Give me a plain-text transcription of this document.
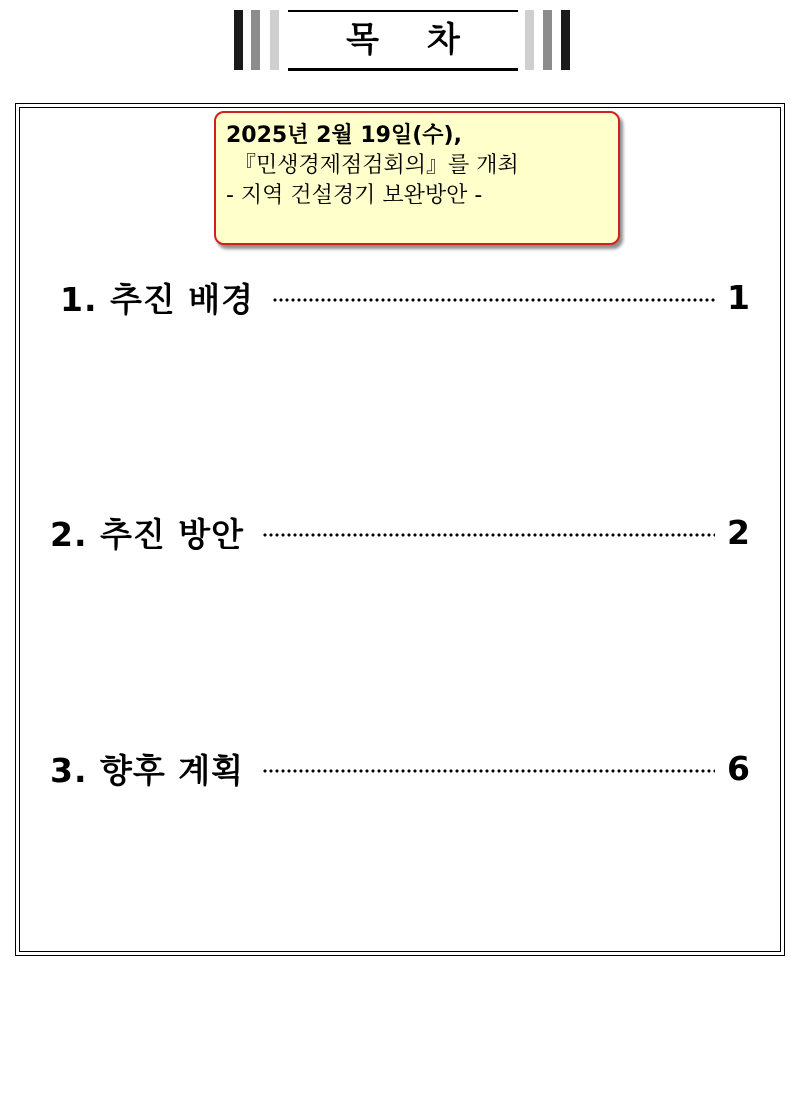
목차
2025년 2월 19일(수),
『민생경제점검회의』를 개최
- 지역 건설경기 보완방안 -
1. 추진 배경	1
2. 추진 방안	2
3. 향후 계획	6
